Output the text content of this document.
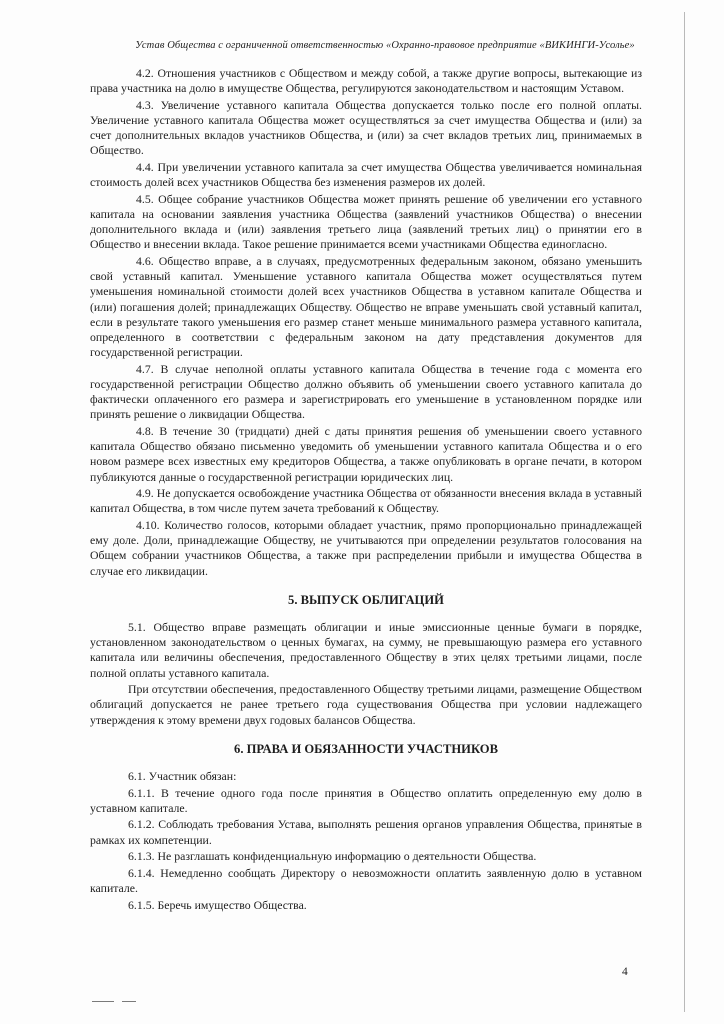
Устав Общества с ограниченной ответственностью «Охранно-правовое предприятие «ВИКИНГИ-Усолье»

4.2. Отношения участников с Обществом и между собой, а также другие вопросы, вытекающие из права участника на долю в имуществе Общества, регулируются законодательством и настоящим Уставом.

4.3. Увеличение уставного капитала Общества допускается только после его полной оплаты. Увеличение уставного капитала Общества может осуществляться за счет имущества Общества и (или) за счет дополнительных вкладов участников Общества, и (или) за счет вкладов третьих лиц, принимаемых в Общество.

4.4. При увеличении уставного капитала за счет имущества Общества увеличивается номинальная стоимость долей всех участников Общества без изменения размеров их долей.

4.5. Общее собрание участников Общества может принять решение об увеличении его уставного капитала на основании заявления участника Общества (заявлений участников Общества) о внесении дополнительного вклада и (или) заявления третьего лица (заявлений третьих лиц) о принятии его в Общество и внесении вклада. Такое решение принимается всеми участниками Общества единогласно.

4.6. Общество вправе, а в случаях, предусмотренных федеральным законом, обязано уменьшить свой уставный капитал. Уменьшение уставного капитала Общества может осуществляться путем уменьшения номинальной стоимости долей всех участников Общества в уставном капитале Общества и (или) погашения долей; принадлежащих Обществу. Общество не вправе уменьшать свой уставный капитал, если в результате такого уменьшения его размер станет меньше минимального размера уставного капитала, определенного в соответствии с федеральным законом на дату представления документов для государственной регистрации.

4.7. В случае неполной оплаты уставного капитала Общества в течение года с момента его государственной регистрации Общество должно объявить об уменьшении своего уставного капитала до фактически оплаченного его размера и зарегистрировать его уменьшение в установленном порядке или принять решение о ликвидации Общества.

4.8. В течение 30 (тридцати) дней с даты принятия решения об уменьшении своего уставного капитала Общество обязано письменно уведомить об уменьшении уставного капитала Общества и о его новом размере всех известных ему кредиторов Общества, а также опубликовать в органе печати, в котором публикуются данные о государственной регистрации юридических лиц.

4.9. Не допускается освобождение участника Общества от обязанности внесения вклада в уставный капитал Общества, в том числе путем зачета требований к Обществу.

4.10. Количество голосов, которыми обладает участник, прямо пропорционально принадлежащей ему доле. Доли, принадлежащие Обществу, не учитываются при определении результатов голосования на Общем собрании участников Общества, а также при распределении прибыли и имущества Общества в случае его ликвидации.

5. ВЫПУСК ОБЛИГАЦИЙ

5.1. Общество вправе размещать облигации и иные эмиссионные ценные бумаги в порядке, установленном законодательством о ценных бумагах, на сумму, не превышающую размера его уставного капитала или величины обеспечения, предоставленного Обществу в этих целях третьими лицами, после полной оплаты уставного капитала.

При отсутствии обеспечения, предоставленного Обществу третьими лицами, размещение Обществом облигаций допускается не ранее третьего года существования Общества при условии надлежащего утверждения к этому времени двух годовых балансов Общества.

6. ПРАВА И ОБЯЗАННОСТИ УЧАСТНИКОВ

6.1. Участник обязан:

6.1.1. В течение одного года после принятия в Общество оплатить определенную ему долю в уставном капитале.

6.1.2. Соблюдать требования Устава, выполнять решения органов управления Общества, принятые в рамках их компетенции.

6.1.3. Не разглашать конфиденциальную информацию о деятельности Общества.

6.1.4. Немедленно сообщать Директору о невозможности оплатить заявленную долю в уставном капитале.

6.1.5. Беречь имущество Общества.

4
